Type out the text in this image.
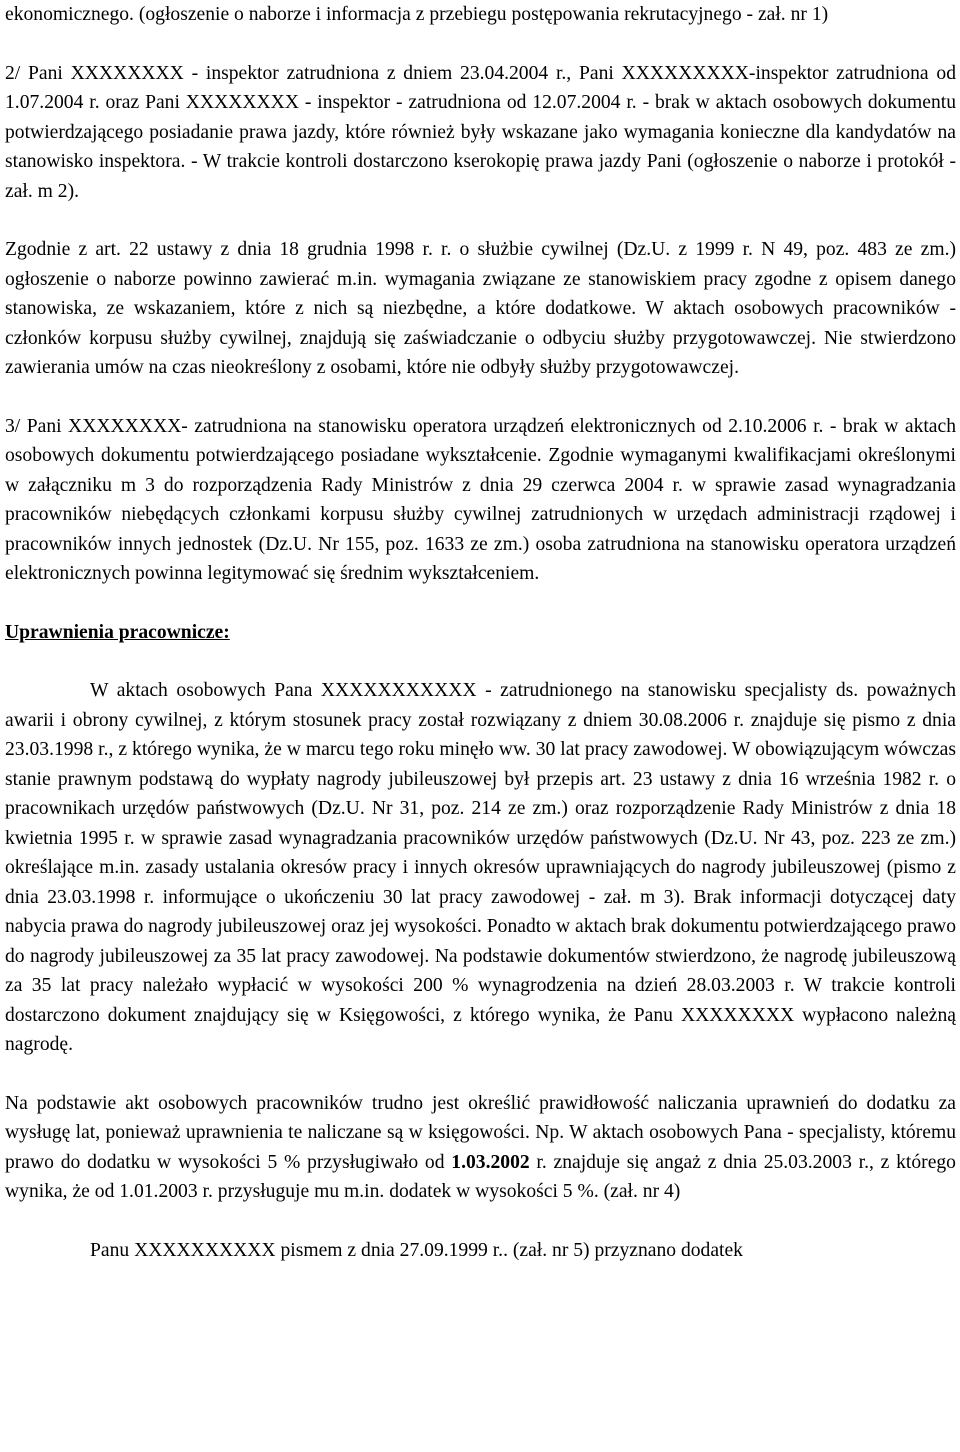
ekonomicznego. (ogłoszenie o naborze i informacja z przebiegu postępowania rekrutacyjnego - zał. nr 1)

2/ Pani XXXXXXXX - inspektor zatrudniona z dniem 23.04.2004 r., Pani XXXXXXXXX-inspektor zatrudniona od 1.07.2004 r. oraz Pani XXXXXXXX - inspektor - zatrudniona od 12.07.2004 r. - brak w aktach osobowych dokumentu potwierdzającego posiadanie prawa jazdy, które również były wskazane jako wymagania konieczne dla kandydatów na stanowisko inspektora. - W trakcie kontroli dostarczono kserokopię prawa jazdy Pani (ogłoszenie o naborze i protokół - zał. m 2).

Zgodnie z art. 22 ustawy z dnia 18 grudnia 1998 r. r. o służbie cywilnej (Dz.U. z 1999 r. N 49, poz. 483 ze zm.) ogłoszenie o naborze powinno zawierać m.in. wymagania związane ze stanowiskiem pracy zgodne z opisem danego stanowiska, ze wskazaniem, które z nich są niezbędne, a które dodatkowe. W aktach osobowych pracowników - członków korpusu służby cywilnej, znajdują się zaświadczanie o odbyciu służby przygotowawczej. Nie stwierdzono zawierania umów na czas nieokreślony z osobami, które nie odbyły służby przygotowawczej.

3/ Pani XXXXXXXX- zatrudniona na stanowisku operatora urządzeń elektronicznych od 2.10.2006 r. - brak w aktach osobowych dokumentu potwierdzającego posiadane wykształcenie. Zgodnie wymaganymi kwalifikacjami określonymi w załączniku m 3 do rozporządzenia Rady Ministrów z dnia 29 czerwca 2004 r. w sprawie zasad wynagradzania pracowników niebędących członkami korpusu służby cywilnej zatrudnionych w urzędach administracji rządowej i pracowników innych jednostek (Dz.U. Nr 155, poz. 1633 ze zm.) osoba zatrudniona na stanowisku operatora urządzeń elektronicznych powinna legitymować się średnim wykształceniem.

Uprawnienia pracownicze:

W aktach osobowych Pana XXXXXXXXXXX - zatrudnionego na stanowisku specjalisty ds. poważnych awarii i obrony cywilnej, z którym stosunek pracy został rozwiązany z dniem 30.08.2006 r. znajduje się pismo z dnia 23.03.1998 r., z którego wynika, że w marcu tego roku minęło ww. 30 lat pracy zawodowej. W obowiązującym wówczas stanie prawnym podstawą do wypłaty nagrody jubileuszowej był przepis art. 23 ustawy z dnia 16 września 1982 r. o pracownikach urzędów państwowych (Dz.U. Nr 31, poz. 214 ze zm.) oraz rozporządzenie Rady Ministrów z dnia 18 kwietnia 1995 r. w sprawie zasad wynagradzania pracowników urzędów państwowych (Dz.U. Nr 43, poz. 223 ze zm.) określające m.in. zasady ustalania okresów pracy i innych okresów uprawniających do nagrody jubileuszowej (pismo z dnia 23.03.1998 r. informujące o ukończeniu 30 lat pracy zawodowej - zał. m 3). Brak informacji dotyczącej daty nabycia prawa do nagrody jubileuszowej oraz jej wysokości. Ponadto w aktach brak dokumentu potwierdzającego prawo do nagrody jubileuszowej za 35 lat pracy zawodowej. Na podstawie dokumentów stwierdzono, że nagrodę jubileuszową za 35 lat pracy należało wypłacić w wysokości 200 % wynagrodzenia na dzień 28.03.2003 r. W trakcie kontroli dostarczono dokument znajdujący się w Księgowości, z którego wynika, że Panu XXXXXXXX wypłacono należną nagrodę.

Na podstawie akt osobowych pracowników trudno jest określić prawidłowość naliczania uprawnień do dodatku za wysługę lat, ponieważ uprawnienia te naliczane są w księgowości. Np. W aktach osobowych Pana - specjalisty, któremu prawo do dodatku w wysokości 5 % przysługiwało od 1.03.2002 r. znajduje się angaż z dnia 25.03.2003 r., z którego wynika, że od 1.01.2003 r. przysługuje mu m.in. dodatek w wysokości 5 %. (zał. nr 4)

Panu XXXXXXXXXX pismem z dnia 27.09.1999 r.. (zał. nr 5) przyznano dodatek
